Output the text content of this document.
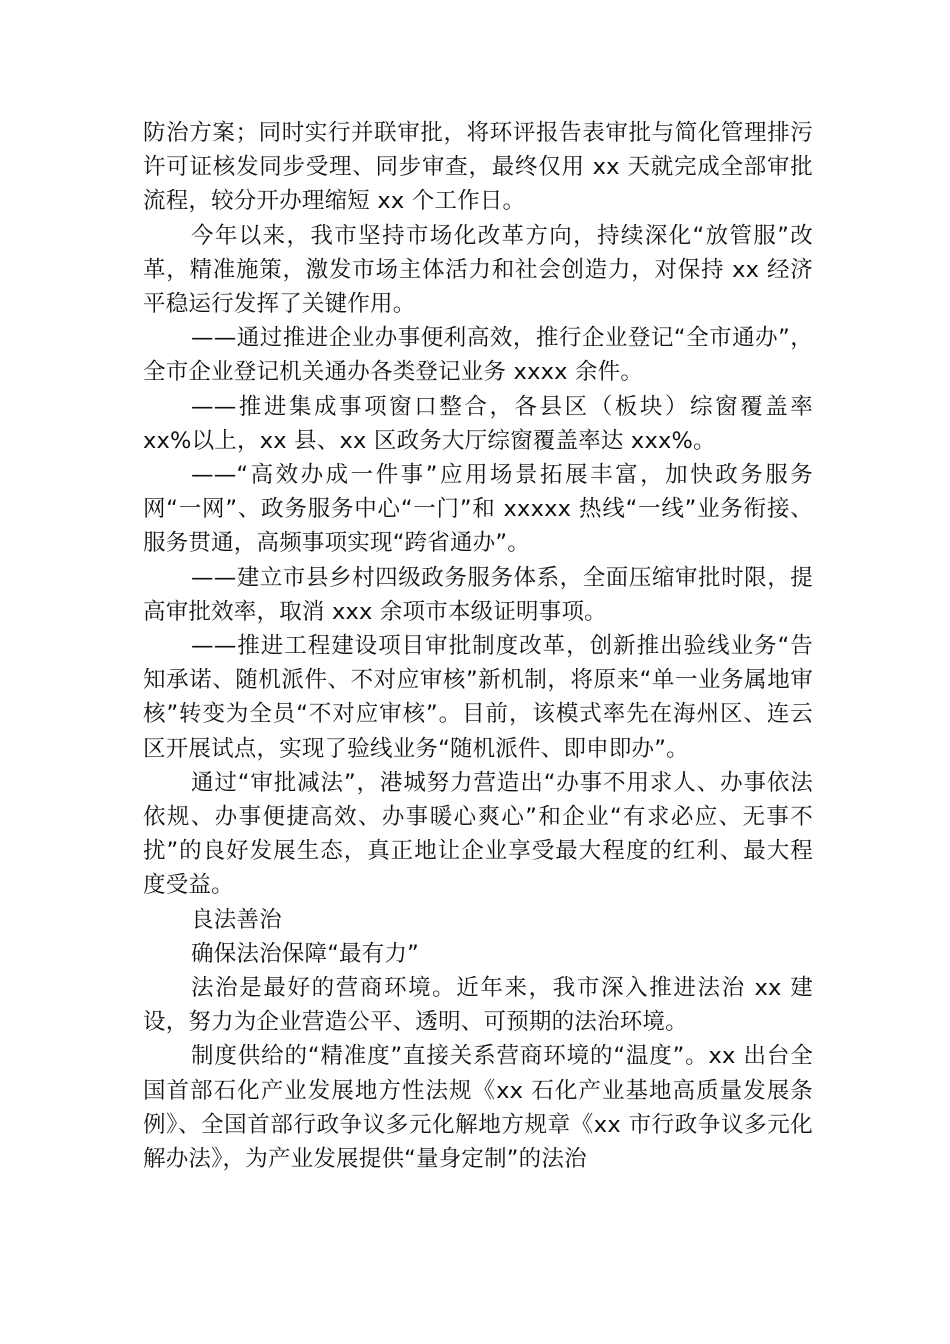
防治方案；同时实行并联审批，将环评报告表审批与简化管理排污许可证核发同步受理、同步审查，最终仅用 xx 天就完成全部审批流程，较分开办理缩短 xx 个工作日。

今年以来，我市坚持市场化改革方向，持续深化“放管服”改革，精准施策，激发市场主体活力和社会创造力，对保持 xx 经济平稳运行发挥了关键作用。

——通过推进企业办事便利高效，推行企业登记“全市通办”，全市企业登记机关通办各类登记业务 xxxx 余件。

——推进集成事项窗口整合，各县区（板块）综窗覆盖率 xx%以上，xx 县、xx 区政务大厅综窗覆盖率达 xxx%。

——“高效办成一件事”应用场景拓展丰富，加快政务服务网“一网”、政务服务中心“一门”和 xxxxx 热线“一线”业务衔接、服务贯通，高频事项实现“跨省通办”。

——建立市县乡村四级政务服务体系，全面压缩审批时限，提高审批效率，取消 xxx 余项市本级证明事项。

——推进工程建设项目审批制度改革，创新推出验线业务“告知承诺、随机派件、不对应审核”新机制，将原来“单一业务属地审核”转变为全员“不对应审核”。目前，该模式率先在海州区、连云区开展试点，实现了验线业务“随机派件、即申即办”。

通过“审批减法”，港城努力营造出“办事不用求人、办事依法依规、办事便捷高效、办事暖心爽心”和企业“有求必应、无事不扰”的良好发展生态，真正地让企业享受最大程度的红利、最大程度受益。

良法善治

确保法治保障“最有力”

法治是最好的营商环境。近年来，我市深入推进法治 xx 建设，努力为企业营造公平、透明、可预期的法治环境。

制度供给的“精准度”直接关系营商环境的“温度”。xx 出台全国首部石化产业发展地方性法规《xx 石化产业基地高质量发展条例》、全国首部行政争议多元化解地方规章《xx 市行政争议多元化解办法》，为产业发展提供“量身定制”的法治
